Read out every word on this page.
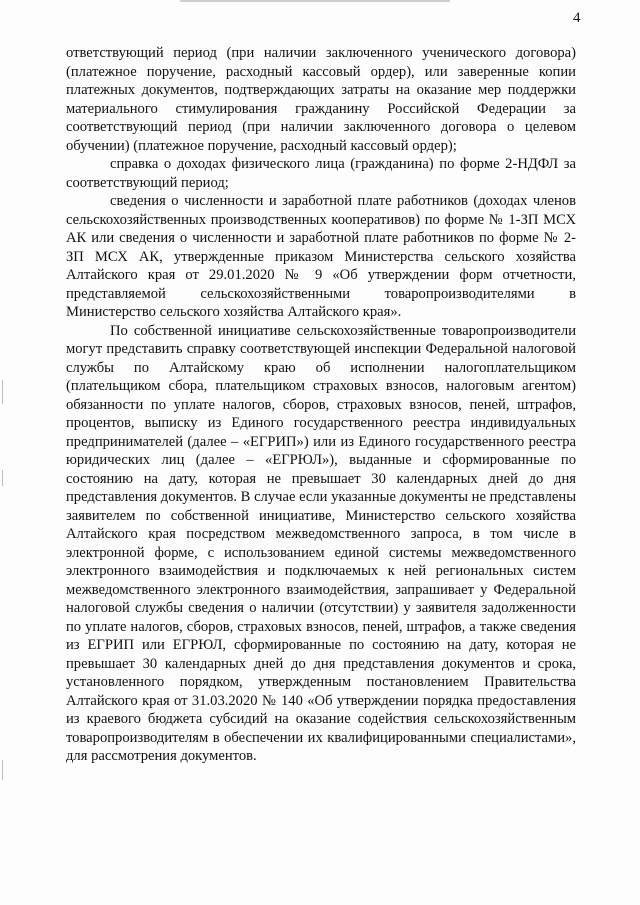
4

ответствующий период (при наличии заключенного ученического договора) (платежное поручение, расходный кассовый ордер), или заверенные копии платежных документов, подтверждающих затраты на оказание мер поддержки материального стимулирования гражданину Российской Федерации за соответствующий период (при наличии заключенного договора о целевом обучении) (платежное поручение, расходный кассовый ордер);

справка о доходах физического лица (гражданина) по форме 2-НДФЛ за соответствующий период;

сведения о численности и заработной плате работников (доходах членов сельскохозяйственных производственных кооперативов) по форме № 1-ЗП МСХ АК или сведения о численности и заработной плате работников по форме № 2-ЗП МСХ АК, утвержденные приказом Министерства сельского хозяйства Алтайского края от 29.01.2020 № 9 «Об утверждении форм отчетности, представляемой сельскохозяйственными товаропроизводителями в Министерство сельского хозяйства Алтайского края».

По собственной инициативе сельскохозяйственные товаропроизводители могут представить справку соответствующей инспекции Федеральной налоговой службы по Алтайскому краю об исполнении налогоплательщиком (плательщиком сбора, плательщиком страховых взносов, налоговым агентом) обязанности по уплате налогов, сборов, страховых взносов, пеней, штрафов, процентов, выписку из Единого государственного реестра индивидуальных предпринимателей (далее – «ЕГРИП») или из Единого государственного реестра юридических лиц (далее – «ЕГРЮЛ»), выданные и сформированные по состоянию на дату, которая не превышает 30 календарных дней до дня представления документов. В случае если указанные документы не представлены заявителем по собственной инициативе, Министерство сельского хозяйства Алтайского края посредством межведомственного запроса, в том числе в электронной форме, с использованием единой системы межведомственного электронного взаимодействия и подключаемых к ней региональных систем межведомственного электронного взаимодействия, запрашивает у Федеральной налоговой службы сведения о наличии (отсутствии) у заявителя задолженности по уплате налогов, сборов, страховых взносов, пеней, штрафов, а также сведения из ЕГРИП или ЕГРЮЛ, сформированные по состоянию на дату, которая не превышает 30 календарных дней до дня представления документов и срока, установленного порядком, утвержденным постановлением Правительства Алтайского края от 31.03.2020 № 140 «Об утверждении порядка предоставления из краевого бюджета субсидий на оказание содействия сельскохозяйственным товаропроизводителям в обеспечении их квалифицированными специалистами», для рассмотрения документов.
